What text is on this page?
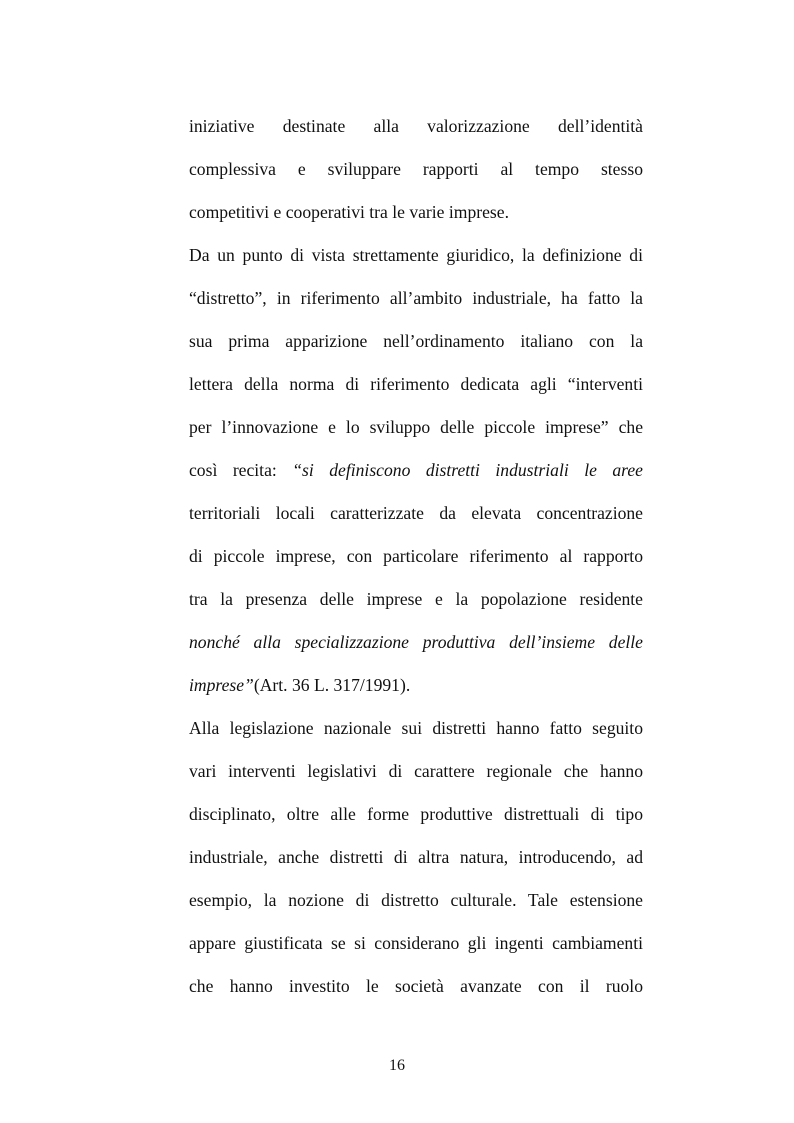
iniziative destinate alla valorizzazione dell’identità
complessiva e sviluppare rapporti al tempo stesso
competitivi e cooperativi tra le varie imprese.
Da un punto di vista strettamente giuridico, la definizione di
“distretto”, in riferimento all’ambito industriale, ha fatto la
sua prima apparizione nell’ordinamento italiano con la
lettera della norma di riferimento dedicata agli “interventi
per l’innovazione e lo sviluppo delle piccole imprese” che
così recita: “si definiscono distretti industriali le aree
territoriali locali caratterizzate da elevata concentrazione
di piccole imprese, con particolare riferimento al rapporto
tra la presenza delle imprese e la popolazione residente
nonché alla specializzazione produttiva dell’insieme delle
imprese”(Art. 36 L. 317/1991).
Alla legislazione nazionale sui distretti hanno fatto seguito
vari interventi legislativi di carattere regionale che hanno
disciplinato, oltre alle forme produttive distrettuali di tipo
industriale, anche distretti di altra natura, introducendo, ad
esempio, la nozione di distretto culturale. Tale estensione
appare giustificata se si considerano gli ingenti cambiamenti
che hanno investito le società avanzate con il ruolo
16
